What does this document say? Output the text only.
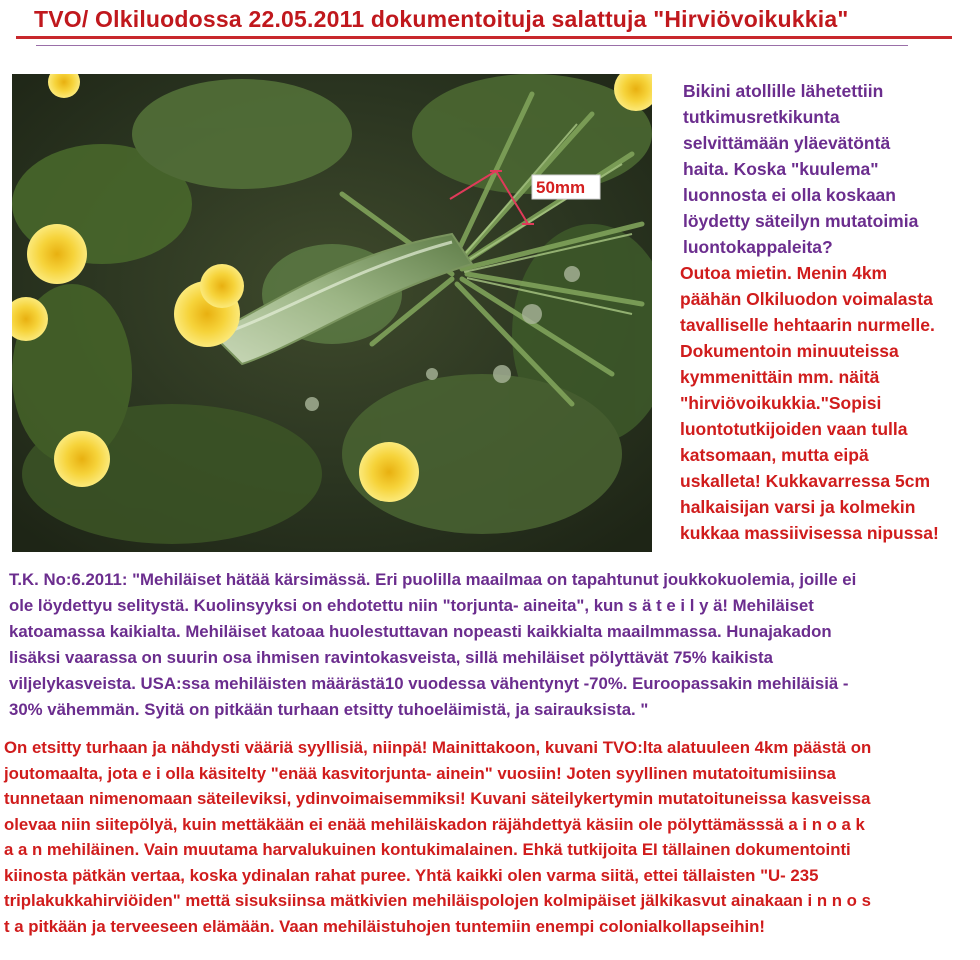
TVO/ Olkiluodossa 22.05.2011 dokumentoituja salattuja "Hirviövoikukkia"
50mm
Bikini atollille lähetettiin
tutkimusretkikunta
selvittämään yläevätöntä
haita. Koska "kuulema"
luonnosta ei olla koskaan
löydetty säteilyn mutatoimia
luontokappaleita?
Outoa mietin. Menin 4km
päähän Olkiluodon voimalasta
tavalliselle hehtaarin nurmelle.
Dokumentoin minuuteissa
kymmenittäin mm. näitä
"hirviövoikukkia."Sopisi
luontotutkijoiden vaan tulla
katsomaan, mutta eipä
uskalleta! Kukkavarressa 5cm
halkaisijan varsi ja kolmekin
kukkaa massiivisessa nipussa!
T.K. No:6.2011: "Mehiläiset hätää kärsimässä. Eri puolilla maailmaa on tapahtunut joukkokuolemia, joille ei
ole löydettyu selitystä. Kuolinsyyksi on ehdotettu niin "torjunta- aineita", kun s ä t e i l y ä! Mehiläiset
katoamassa kaikialta. Mehiläiset katoaa huolestuttavan nopeasti kaikkialta maailmmassa. Hunajakadon
lisäksi vaarassa on suurin osa ihmisen ravintokasveista, sillä mehiläiset pölyttävät 75% kaikista
viljelykasveista. USA:ssa mehiläisten määrästä10 vuodessa vähentynyt -70%. Euroopassakin mehiläisiä -
30% vähemmän. Syitä on pitkään turhaan etsitty tuhoeläimistä, ja sairauksista. "
On etsitty turhaan ja nähdysti vääriä syyllisiä, niinpä! Mainittakoon, kuvani TVO:lta alatuuleen 4km päästä on
joutomaalta, jota e i olla käsitelty "enää kasvitorjunta- ainein" vuosiin! Joten syyllinen mutatoitumisiinsa
tunnetaan nimenomaan säteileviksi, ydinvoimaisemmiksi! Kuvani säteilykertymin mutatoituneissa kasveissa
olevaa niin siitepölyä, kuin mettäkään ei enää mehiläiskadon räjähdettyä käsiin ole pölyttämässsä a i n o a k
a a n mehiläinen. Vain muutama harvalukuinen kontukimalainen. Ehkä tutkijoita EI tällainen dokumentointi
kiinosta pätkän vertaa, koska ydinalan rahat puree. Yhtä kaikki olen varma siitä, ettei tällaisten "U- 235
triplakukkahirviöiden" mettä sisuksiinsa mätkivien mehiläispolojen kolmipäiset jälkikasvut ainakaan i n n o s
t a pitkään ja terveeseen elämään. Vaan mehiläistuhojen tuntemiin enempi colonialkollapseihin!
